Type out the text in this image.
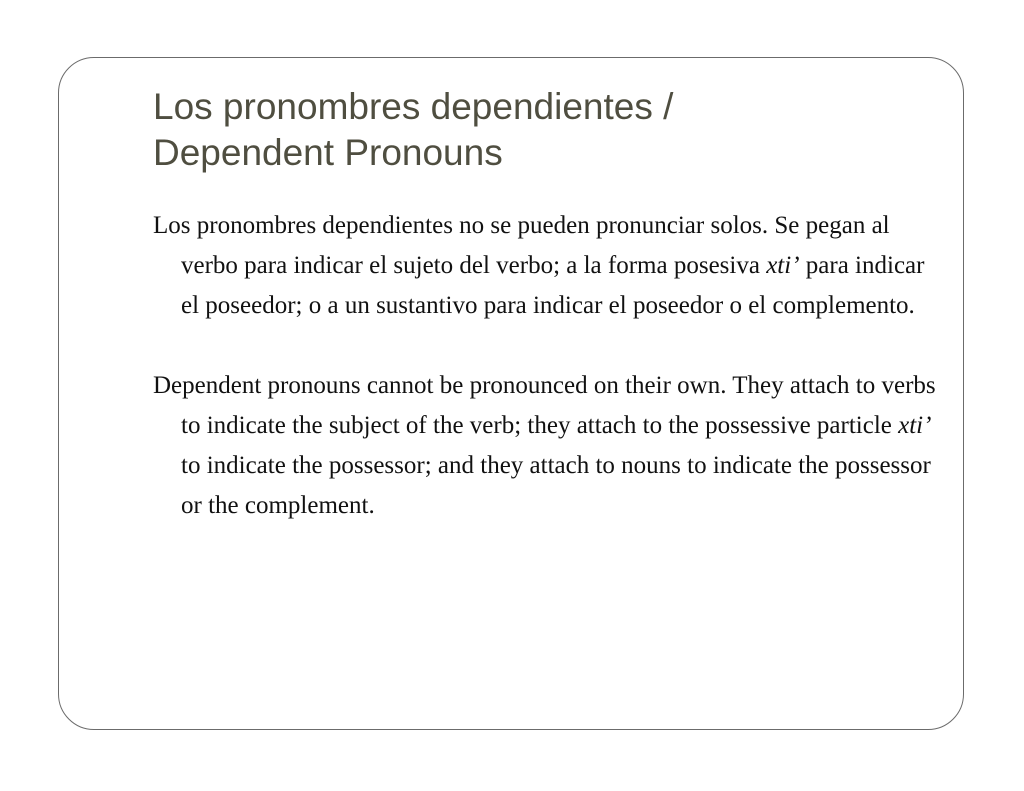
Los pronombres dependientes /
Dependent Pronouns

Los pronombres dependientes no se pueden pronunciar solos. Se pegan al verbo para indicar el sujeto del verbo; a la forma posesiva xti’ para indicar el poseedor; o a un sustantivo para indicar el poseedor o el complemento.

Dependent pronouns cannot be pronounced on their own. They attach to verbs to indicate the subject of the verb; they attach to the possessive particle xti’ to indicate the possessor; and they attach to nouns to indicate the possessor or the complement.
